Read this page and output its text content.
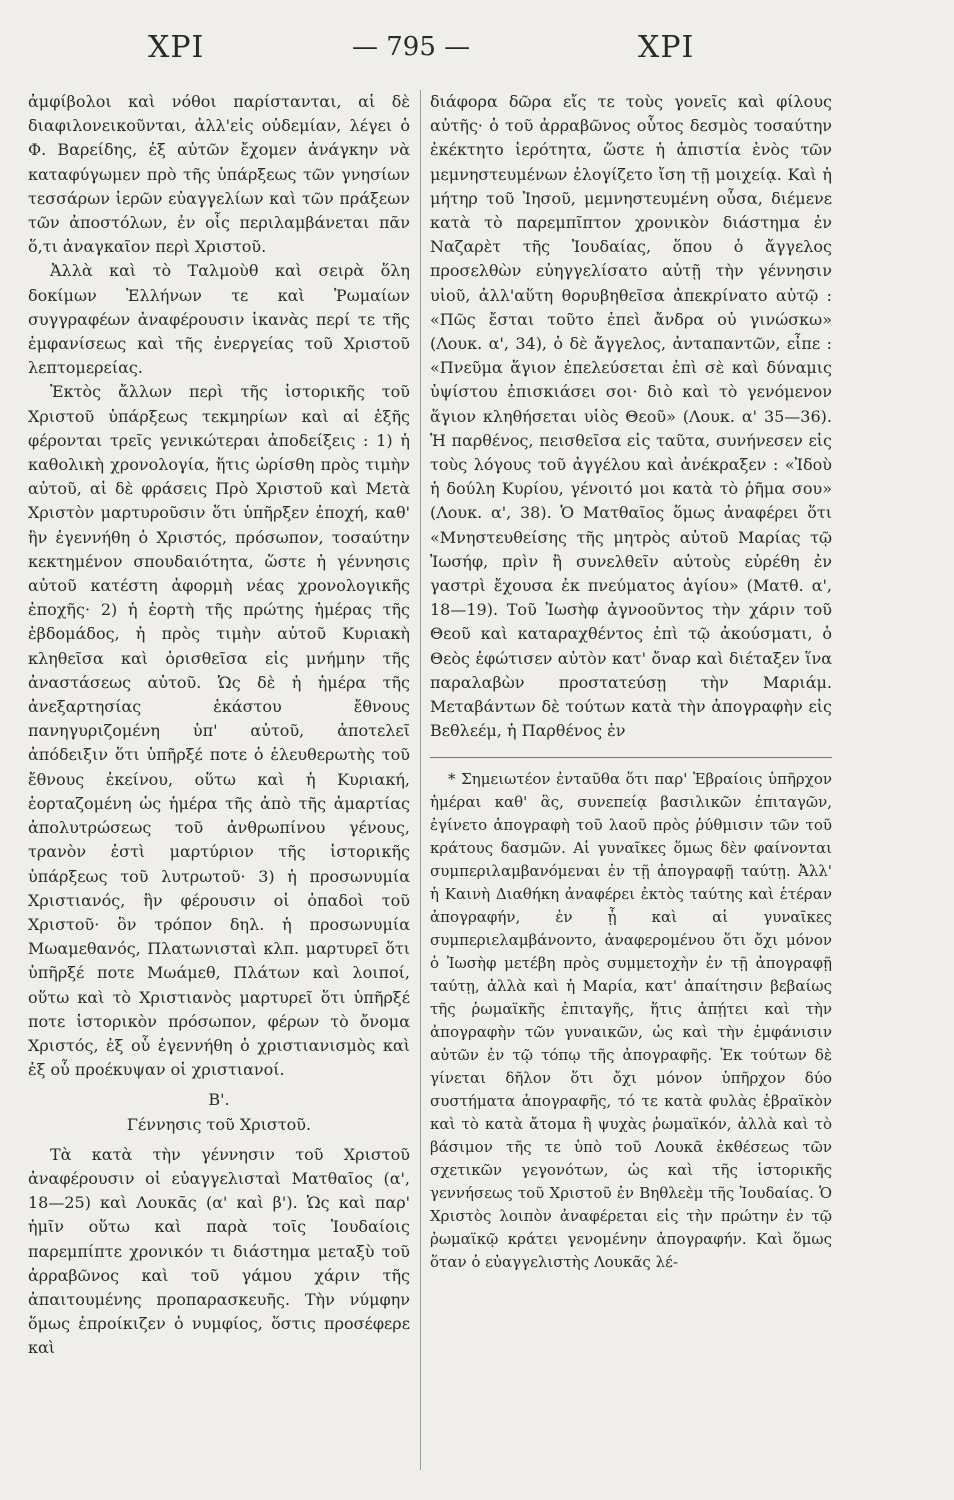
ΧΡΙ	— 795 —	ΧΡΙ

ἀμφίβολοι καὶ νόθοι παρίστανται, αἱ δὲ διαφιλονεικοῦνται, ἀλλ'εἰς οὐδεμίαν, λέγει ὁ Φ. Βαρείδης, ἐξ αὐτῶν ἔχομεν ἀνάγκην νὰ καταφύγωμεν πρὸ τῆς ὑπάρξεως τῶν γνησίων τεσσάρων ἱερῶν εὐαγγελίων καὶ τῶν πράξεων τῶν ἀποστόλων, ἐν οἷς περιλαμβάνεται πᾶν ὅ,τι ἀναγκαῖον περὶ Χριστοῦ.

Ἀλλὰ καὶ τὸ Ταλμοὺθ καὶ σειρὰ ὅλη δοκίμων Ἑλλήνων τε καὶ Ῥωμαίων συγγραφέων ἀναφέρουσιν ἱκανὰς περί τε τῆς ἐμφανίσεως καὶ τῆς ἐνεργείας τοῦ Χριστοῦ λεπτομερείας.

Ἐκτὸς ἄλλων περὶ τῆς ἱστορικῆς τοῦ Χριστοῦ ὑπάρξεως τεκμηρίων καὶ αἱ ἑξῆς φέρονται τρεῖς γενικώτεραι ἀποδείξεις : 1) ἡ καθολικὴ χρονολογία, ἥτις ὡρίσθη πρὸς τιμὴν αὐτοῦ, αἱ δὲ φράσεις Πρὸ Χριστοῦ καὶ Μετὰ Χριστὸν μαρτυροῦσιν ὅτι ὑπῆρξεν ἐποχή, καθ' ἣν ἐγεννήθη ὁ Χριστός, πρόσωπον, τοσαύτην κεκτημένον σπουδαιότητα, ὥστε ἡ γέννησις αὐτοῦ κατέστη ἀφορμὴ νέας χρονολογικῆς ἐποχῆς· 2) ἡ ἑορτὴ τῆς πρώτης ἡμέρας τῆς ἑβδομάδος, ἡ πρὸς τιμὴν αὐτοῦ Κυριακὴ κληθεῖσα καὶ ὁρισθεῖσα εἰς μνήμην τῆς ἀναστάσεως αὐτοῦ. Ὡς δὲ ἡ ἡμέρα τῆς ἀνεξαρτησίας ἑκάστου ἔθνους πανηγυριζομένη ὑπ' αὐτοῦ, ἀποτελεῖ ἀπόδειξιν ὅτι ὑπῆρξέ ποτε ὁ ἐλευθερωτὴς τοῦ ἔθνους ἐκείνου, οὕτω καὶ ἡ Κυριακή, ἑορταζομένη ὡς ἡμέρα τῆς ἀπὸ τῆς ἁμαρτίας ἀπολυτρώσεως τοῦ ἀνθρωπίνου γένους, τρανὸν ἐστὶ μαρτύριον τῆς ἱστορικῆς ὑπάρξεως τοῦ λυτρωτοῦ· 3) ἡ προσωνυμία Χριστιανός, ἣν φέρουσιν οἱ ὀπαδοὶ τοῦ Χριστοῦ· ὃν τρόπον δηλ. ἡ προσωνυμία Μωαμεθανός, Πλατωνισταὶ κλπ. μαρτυρεῖ ὅτι ὑπῆρξέ ποτε Μωάμεθ, Πλάτων καὶ λοιποί, οὕτω καὶ τὸ Χριστιανὸς μαρτυρεῖ ὅτι ὑπῆρξέ ποτε ἱστορικὸν πρόσωπον, φέρων τὸ ὄνομα Χριστός, ἐξ οὗ ἐγεννήθη ὁ χριστιανισμὸς καὶ ἐξ οὗ προέκυψαν οἱ χριστιανοί.

Β'.
Γέννησις τοῦ Χριστοῦ.

Τὰ κατὰ τὴν γέννησιν τοῦ Χριστοῦ ἀναφέρουσιν οἱ εὐαγγελισταὶ Ματθαῖος (α', 18—25) καὶ Λουκᾶς (α' καὶ β'). Ὡς καὶ παρ' ἡμῖν οὕτω καὶ παρὰ τοῖς Ἰουδαίοις παρεμπίπτε χρονικόν τι διάστημα μεταξὺ τοῦ ἀρραβῶνος καὶ τοῦ γάμου χάριν τῆς ἀπαιτουμένης προπαρασκευῆς. Τὴν νύμφην ὅμως ἐπροίκιζεν ὁ νυμφίος, ὅστις προσέφερε καὶ

διάφορα δῶρα εἴς τε τοὺς γονεῖς καὶ φίλους αὐτῆς· ὁ τοῦ ἀρραβῶνος οὗτος δεσμὸς τοσαύτην ἐκέκτητο ἱερότητα, ὥστε ἡ ἀπιστία ἑνὸς τῶν μεμνηστευμένων ἐλογίζετο ἴση τῇ μοιχείᾳ. Καὶ ἡ μήτηρ τοῦ Ἰησοῦ, μεμνηστευμένη οὖσα, διέμενε κατὰ τὸ παρεμπῖπτον χρονικὸν διάστημα ἐν Ναζαρὲτ τῆς Ἰουδαίας, ὅπου ὁ ἄγγελος προσελθὼν εὐηγγελίσατο αὐτῇ τὴν γέννησιν υἱοῦ, ἀλλ'αὕτη θορυβηθεῖσα ἀπεκρίνατο αὐτῷ : «Πῶς ἔσται τοῦτο ἐπεὶ ἄνδρα οὐ γινώσκω» (Λουκ. α', 34), ὁ δὲ ἄγγελος, ἀνταπαντῶν, εἶπε : «Πνεῦμα ἅγιον ἐπελεύσεται ἐπὶ σὲ καὶ δύναμις ὑψίστου ἐπισκιάσει σοι· διὸ καὶ τὸ γενόμενον ἅγιον κληθήσεται υἱὸς Θεοῦ» (Λουκ. α' 35—36). Ἡ παρθένος, πεισθεῖσα εἰς ταῦτα, συνήνεσεν εἰς τοὺς λόγους τοῦ ἀγγέλου καὶ ἀνέκραξεν : «Ἰδοὺ ἡ δούλη Κυρίου, γένοιτό μοι κατὰ τὸ ῥῆμα σου» (Λουκ. α', 38). Ὁ Ματθαῖος ὅμως ἀναφέρει ὅτι «Μνηστευθείσης τῆς μητρὸς αὐτοῦ Μαρίας τῷ Ἰωσήφ, πρὶν ἢ συνελθεῖν αὐτοὺς εὑρέθη ἐν γαστρὶ ἔχουσα ἐκ πνεύματος ἁγίου» (Ματθ. α', 18—19). Τοῦ Ἰωσὴφ ἀγνοοῦντος τὴν χάριν τοῦ Θεοῦ καὶ καταραχθέντος ἐπὶ τῷ ἀκούσματι, ὁ Θεὸς ἐφώτισεν αὐτὸν κατ' ὄναρ καὶ διέταξεν ἵνα παραλαβὼν προστατεύσῃ τὴν Μαριάμ. Μεταβάντων δὲ τούτων κατὰ τὴν ἀπογραφὴν εἰς Βεθλεέμ, ἡ Παρθένος ἐν

* Σημειωτέον ἐνταῦθα ὅτι παρ' Ἑβραίοις ὑπῆρχον ἡμέραι καθ' ἃς, συνεπείᾳ βασιλικῶν ἐπιταγῶν, ἐγίνετο ἀπογραφὴ τοῦ λαοῦ πρὸς ῥύθμισιν τῶν τοῦ κράτους δασμῶν. Αἱ γυναῖκες ὅμως δὲν φαίνονται συμπεριλαμβανόμεναι ἐν τῇ ἀπογραφῇ ταύτῃ. Ἀλλ' ἡ Καινὴ Διαθήκη ἀναφέρει ἐκτὸς ταύτης καὶ ἑτέραν ἀπογραφήν, ἐν ᾗ καὶ αἱ γυναῖκες συμπεριελαμβάνοντο, ἀναφερομένου ὅτι ὄχι μόνον ὁ Ἰωσὴφ μετέβη πρὸς συμμετοχὴν ἐν τῇ ἀπογραφῇ ταύτῃ, ἀλλὰ καὶ ἡ Μαρία, κατ' ἀπαίτησιν βεβαίως τῆς ῥωμαϊκῆς ἐπιταγῆς, ἥτις ἀπῄτει καὶ τὴν ἀπογραφὴν τῶν γυναικῶν, ὡς καὶ τὴν ἐμφάνισιν αὐτῶν ἐν τῷ τόπῳ τῆς ἀπογραφῆς. Ἐκ τούτων δὲ γίνεται δῆλον ὅτι ὄχι μόνον ὑπῆρχον δύο συστήματα ἀπογραφῆς, τό τε κατὰ φυλὰς ἑβραϊκὸν καὶ τὸ κατὰ ἄτομα ἢ ψυχὰς ῥωμαϊκόν, ἀλλὰ καὶ τὸ βάσιμον τῆς τε ὑπὸ τοῦ Λουκᾶ ἐκθέσεως τῶν σχετικῶν γεγονότων, ὡς καὶ τῆς ἱστορικῆς γεννήσεως τοῦ Χριστοῦ ἐν Βηθλεὲμ τῆς Ἰουδαίας. Ὁ Χριστὸς λοιπὸν ἀναφέρεται εἰς τὴν πρώτην ἐν τῷ ῥωμαϊκῷ κράτει γενομένην ἀπογραφήν. Καὶ ὅμως ὅταν ὁ εὐαγγελιστὴς Λουκᾶς λέ-
